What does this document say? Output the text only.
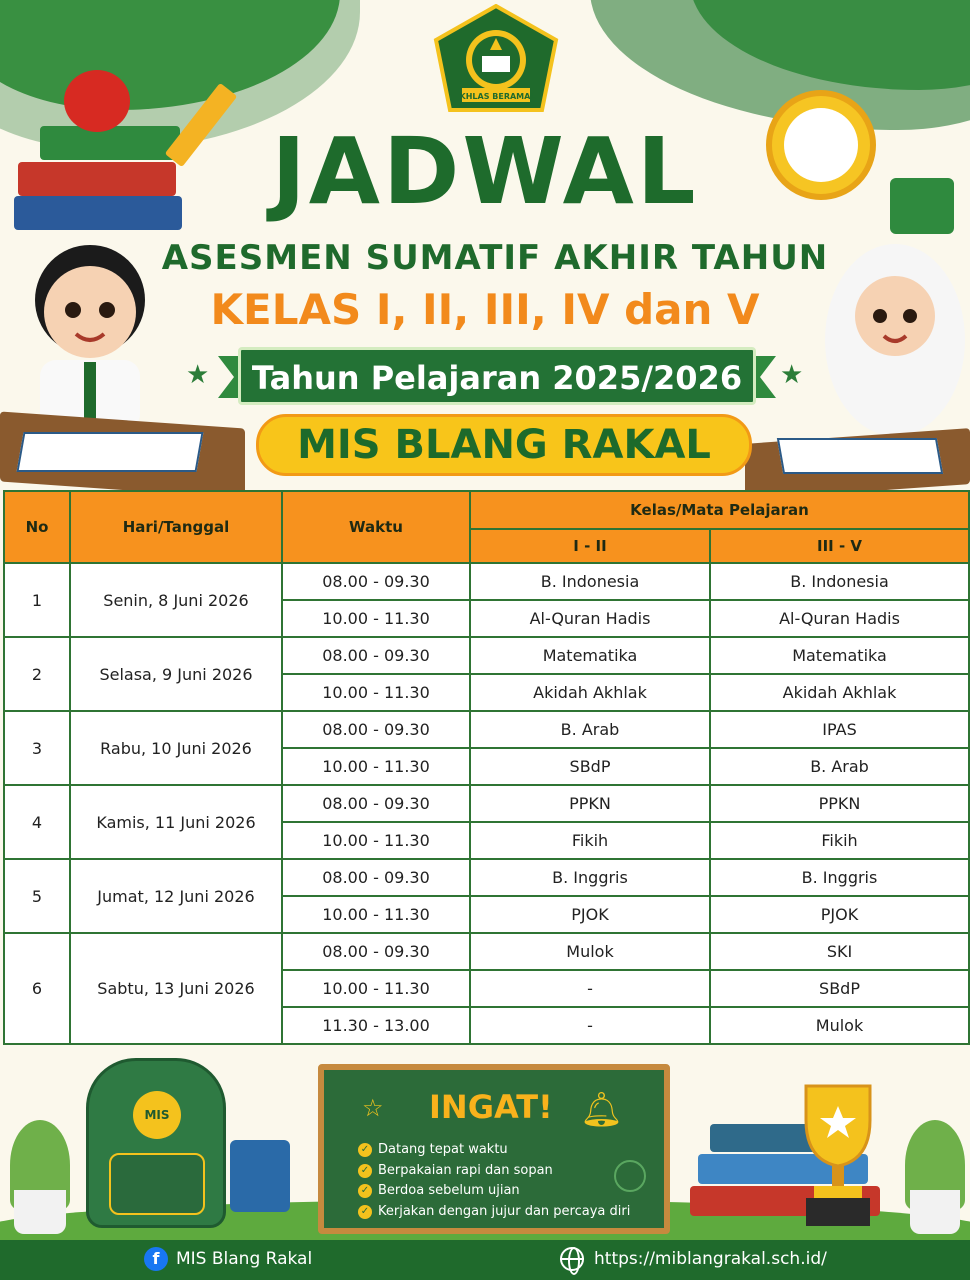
IKHLAS BERAMAL
JADWAL
ASESMEN SUMATIF AKHIR TAHUN
KELAS I, II, III, IV dan V
Tahun Pelajaran 2025/2026
★	★
MIS BLANG RAKAL
No	Hari/Tanggal	Waktu	Kelas/Mata Pelajaran	
			I - II	III - V
1	Senin, 8 Juni 2026	08.00 - 09.30	B. Indonesia	B. Indonesia
		10.00 - 11.30	Al-Quran Hadis	Al-Quran Hadis
2	Selasa, 9 Juni 2026	08.00 - 09.30	Matematika	Matematika
		10.00 - 11.30	Akidah Akhlak	Akidah Akhlak
3	Rabu, 10 Juni 2026	08.00 - 09.30	B. Arab	IPAS
		10.00 - 11.30	SBdP	B. Arab
4	Kamis, 11 Juni 2026	08.00 - 09.30	PPKN	PPKN
		10.00 - 11.30	Fikih	Fikih
5	Jumat, 12 Juni 2026	08.00 - 09.30	B. Inggris	B. Inggris
		10.00 - 11.30	PJOK	PJOK
6	Sabtu, 13 Juni 2026	08.00 - 09.30	Mulok	SKI
		10.00 - 11.30	-	SBdP
		11.30 - 13.00	-	Mulok
MIS	☆ INGAT! 🔔︎
✓ Datang tepat waktu
✓ Berpakaian rapi dan sopan
✓ Berdoa sebelum ujian
✓ Kerjakan dengan jujur dan percaya diri
f MIS Blang Rakal	https://miblangrakal.sch.id/
